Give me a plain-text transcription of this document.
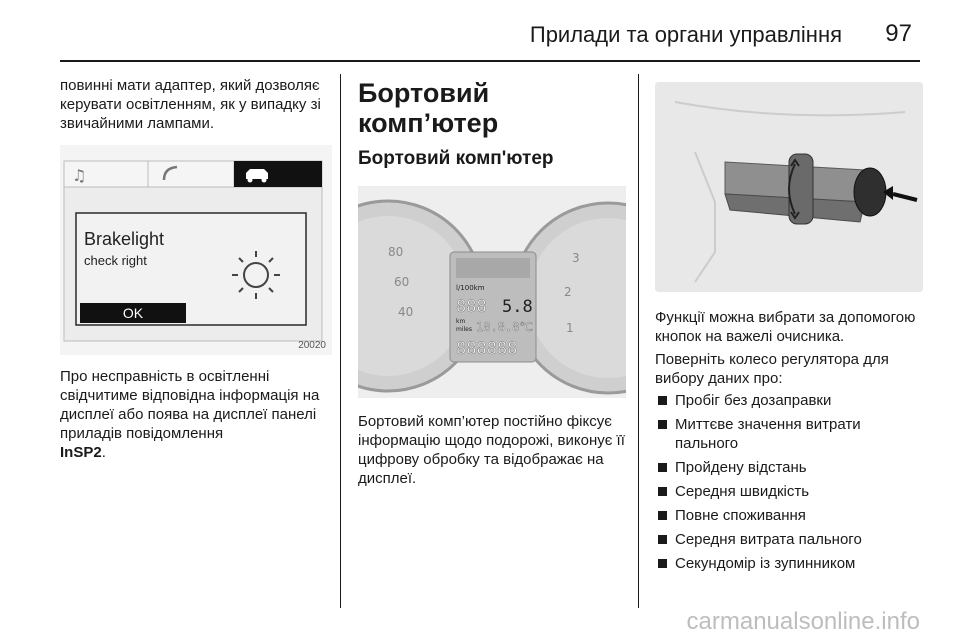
Прилади та органи управління 97

повинні мати адаптер, який дозволяє керувати освітленням, як у випадку зі звичайними лампами.

♫
Brakelight
check right
OK
20020

Про несправність в освітленні свідчитиме відповідна інформація на дисплеї або поява на дисплеї панелі приладів повідомлення
InSP2.

Бортовий комп’ютер
Бортовий комп'ютер
80
60
40
3
2
1
l/100km
888 5.8
km
miles 18.8.8℃
888888

Бортовий комп’ютер постійно фіксує інформацію щодо подорожі, виконує її цифрову обробку та відображає на дисплеї.

Функції можна вибрати за допомогою кнопок на важелі очисника.

Поверніть колесо регулятора для вибору даних про:

Пробіг без дозаправки
Миттєве значення витрати пального
Пройдену відстань
Середня швидкість
Повне споживання
Середня витрата пального
Секундомір із зупинником
carmanualsonline.info
